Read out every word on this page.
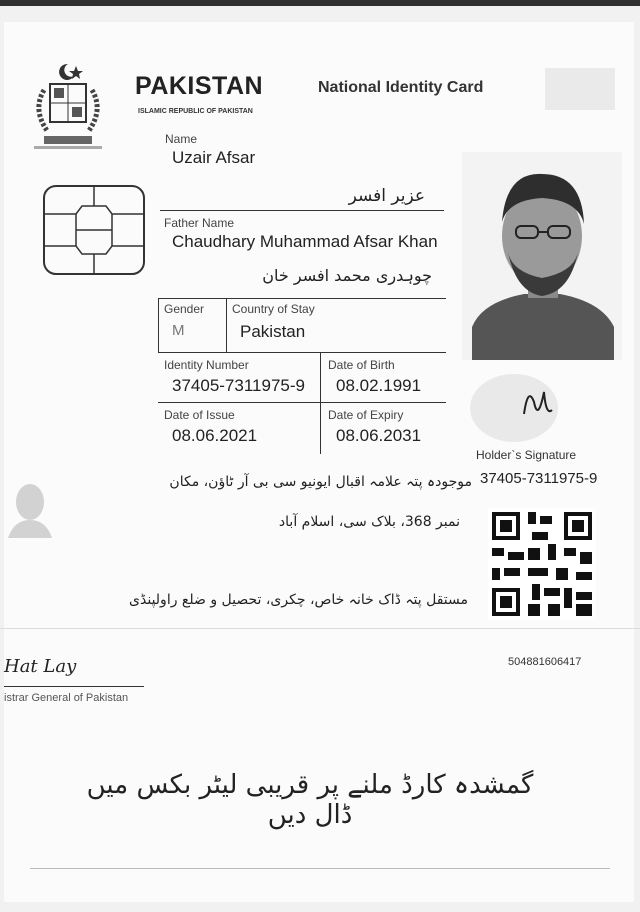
PAKISTAN
ISLAMIC REPUBLIC OF PAKISTAN
National Identity Card
Name
Uzair Afsar
عزیر افسر
Father Name
Chaudhary Muhammad Afsar Khan
چوہدری محمد افسر خان
Gender
M
Country of Stay
Pakistan
Identity Number
37405-7311975-9
Date of Birth
08.02.1991
Date of Issue
08.06.2021
Date of Expiry
08.06.2031
Holder`s Signature
37405-7311975-9
موجودہ پتہ علامہ اقبال ایونیو سی بی آر ٹاؤن، مکان
نمبر 368، بلاک سی، اسلام آباد
مستقل پتہ ڈاک خانہ خاص، چکری، تحصیل و ضلع راولپنڈی
504881606417
Hat Lay
istrar General of Pakistan
گمشدہ کارڈ ملنے پر قریبی لیٹر بکس میں ڈال دیں
